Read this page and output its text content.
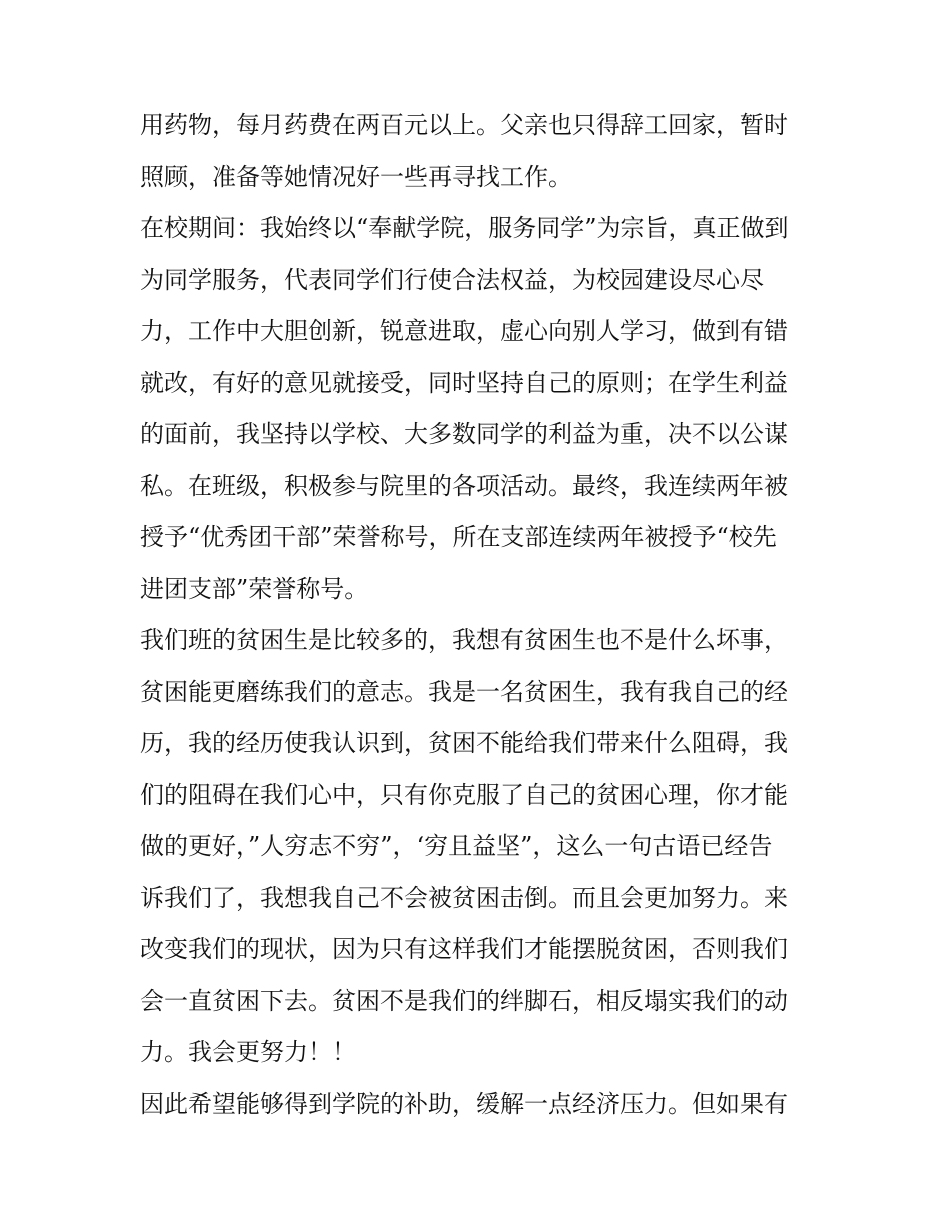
用药物，每月药费在两百元以上。父亲也只得辞工回家，暂时
照顾，准备等她情况好一些再寻找工作。
在校期间：我始终以“奉献学院，服务同学”为宗旨，真正做到
为同学服务，代表同学们行使合法权益，为校园建设尽心尽
力，工作中大胆创新，锐意进取，虚心向别人学习，做到有错
就改，有好的意见就接受，同时坚持自己的原则；在学生利益
的面前，我坚持以学校、大多数同学的利益为重，决不以公谋
私。在班级，积极参与院里的各项活动。最终，我连续两年被
授予“优秀团干部”荣誉称号，所在支部连续两年被授予“校先
进团支部”荣誉称号。
我们班的贫困生是比较多的，我想有贫困生也不是什么坏事，
贫困能更磨练我们的意志。我是一名贫困生，我有我自己的经
历，我的经历使我认识到，贫困不能给我们带来什么阻碍，我
们的阻碍在我们心中，只有你克服了自己的贫困心理，你才能
做的更好，”人穷志不穷”，‘穷且益坚”，这么一句古语已经告
诉我们了，我想我自己不会被贫困击倒。而且会更加努力。来
改变我们的现状，因为只有这样我们才能摆脱贫困，否则我们
会一直贫困下去。贫困不是我们的绊脚石，相反塌实我们的动
力。我会更努力！！
因此希望能够得到学院的补助，缓解一点经济压力。但如果有
